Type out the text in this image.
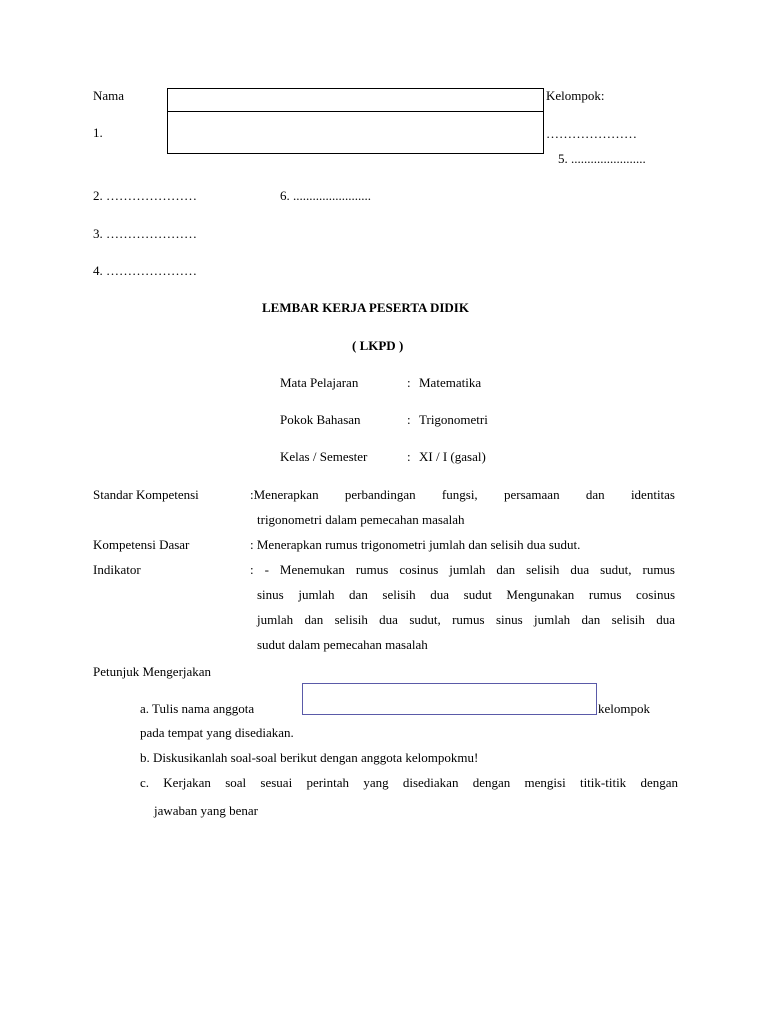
Nama	Kelompok:
1.	…………………
5. .......................
2. …………………	6. ........................
3. …………………
4. …………………
LEMBAR KERJA PESERTA DIDIK
( LKPD )
Mata Pelajaran	: Matematika
Pokok Bahasan	: Trigonometri
Kelas / Semester	: XI / I (gasal)
Standar Kompetensi	:Menerapkan perbandingan fungsi, persamaan dan identitas
trigonometri dalam pemecahan masalah
Kompetensi Dasar	: Menerapkan rumus trigonometri jumlah dan selisih dua sudut.
Indikator	: - Menemukan rumus cosinus jumlah dan selisih dua sudut, rumus
sinus jumlah dan selisih dua sudut Mengunakan rumus cosinus
jumlah dan selisih dua sudut, rumus sinus jumlah dan selisih dua
sudut dalam pemecahan masalah
Petunjuk Mengerjakan
a. Tulis nama anggota	kelompok
pada tempat yang disediakan.
b. Diskusikanlah soal-soal berikut dengan anggota kelompokmu!
c. Kerjakan soal sesuai perintah yang disediakan dengan mengisi titik-titik dengan
jawaban yang benar
